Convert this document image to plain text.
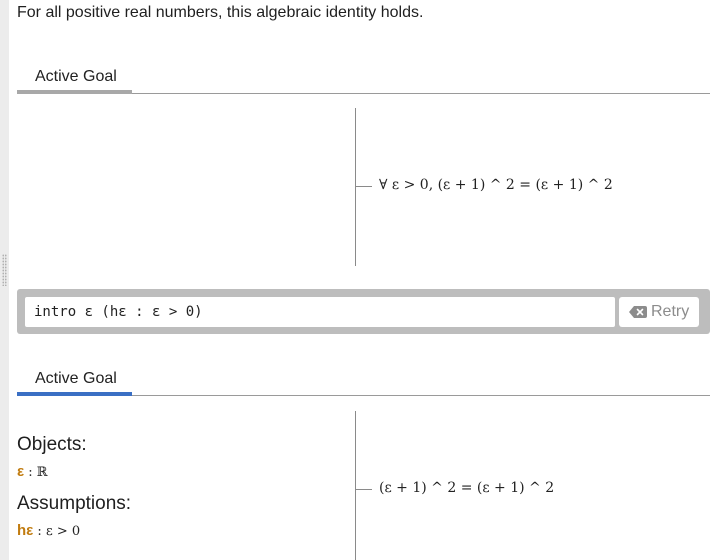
For all positive real numbers, this algebraic identity holds.
Active Goal
∀ ε > 0, (ε + 1) ^ 2 = (ε + 1) ^ 2
intro ε (hε : ε > 0)	Retry
Active Goal
Objects:
ε : ℝ
Assumptions:
hε : ε > 0
(ε + 1) ^ 2 = (ε + 1) ^ 2
